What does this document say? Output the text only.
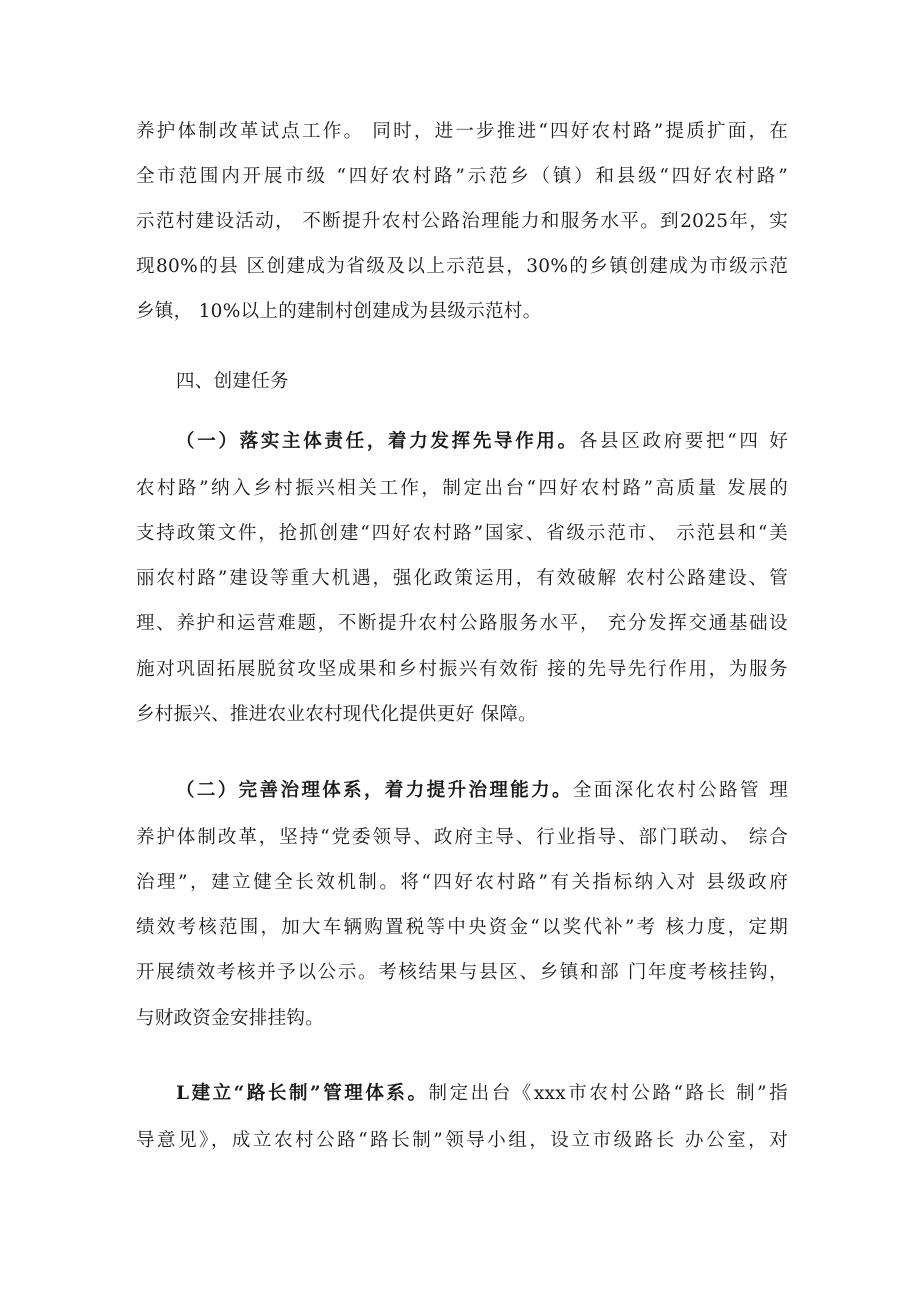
养护体制改革试点工作。 同时，进一步推进“四好农村路”提质扩面，在
全市范围内开展市级 “四好农村路”示范乡（镇）和县级“四好农村路”
示范村建设活动， 不断提升农村公路治理能力和服务水平。到2025年，实
现80%的县 区创建成为省级及以上示范县，30%的乡镇创建成为市级示范
乡镇， 10%以上的建制村创建成为县级示范村。
四、创建任务
（一）落实主体责任，着力发挥先导作用。各县区政府要把“四 好
农村路”纳入乡村振兴相关工作，制定出台“四好农村路”高质量 发展的
支持政策文件，抢抓创建“四好农村路”国家、省级示范市、 示范县和“美
丽农村路”建设等重大机遇，强化政策运用，有效破解 农村公路建设、管
理、养护和运营难题，不断提升农村公路服务水平， 充分发挥交通基础设
施对巩固拓展脱贫攻坚成果和乡村振兴有效衔 接的先导先行作用，为服务
乡村振兴、推进农业农村现代化提供更好 保障。
（二）完善治理体系，着力提升治理能力。全面深化农村公路管 理
养护体制改革，坚持“党委领导、政府主导、行业指导、部门联动、 综合
治理”，建立健全长效机制。将“四好农村路”有关指标纳入对 县级政府
绩效考核范围，加大车辆购置税等中央资金“以奖代补”考 核力度，定期
开展绩效考核并予以公示。考核结果与县区、乡镇和部 门年度考核挂钩，
与财政资金安排挂钩。
L建立“路长制”管理体系。制定出台《xxx市农村公路“路长 制”指
导意见》，成立农村公路“路长制”领导小组，设立市级路长 办公室，对
